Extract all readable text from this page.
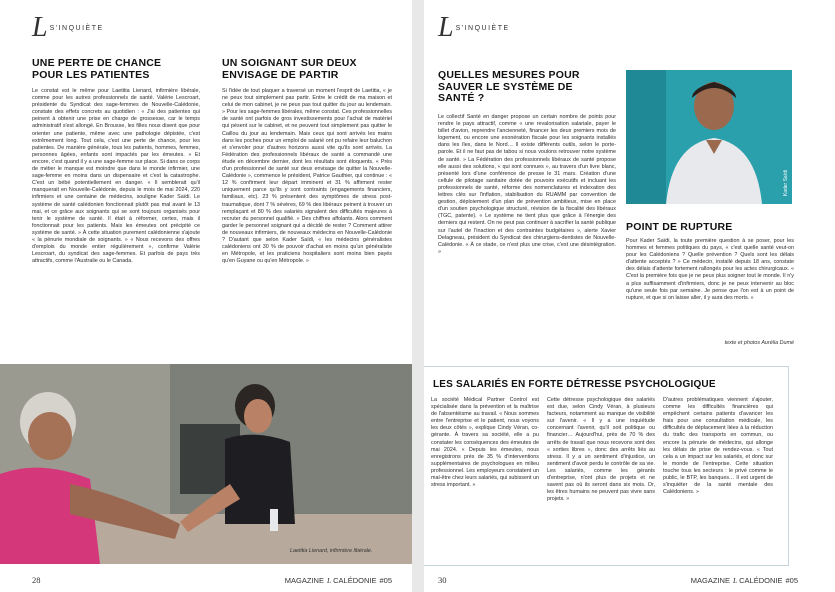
L S'INQUIÈTE
UNE PERTE DE CHANCE POUR LES PATIENTES

Le constat est le même pour Laetitia Lienard, infirmière libérale, comme pour les autres professionnels de santé. Valérie Lescroart, présidente du Syndicat des sage-femmes de Nouvelle-Calédonie, constate des effets concrets au quotidien : « J'ai des patientes qui peinent à obtenir une prise en charge de grossesse, car le temps administratif s'est allongé. En Brousse, les filles nous disent que pour orienter une patiente, même avec une pathologie dépistée, c'est extrêmement long. Tout cela, c'est une perte de chance, pour les patientes. De manière générale, tous les patients, hommes, femmes, personnes âgées, enfants sont impactés par les émeutes. » Et encore, c'est quand il y a une sage-femme sur place. Si dans ce corps de métier le manque est moindre que dans le monde infirmier, une sage-femme en moins dans un dispensaire et c'est la catastrophe. C'est un bébé potentiellement en danger. « Il semblerait qu'il manquerait en Nouvelle-Calédonie, depuis le mois de mai 2024, 220 infirmiers et une centaine de médecins, souligne Kader Saïdi. Le système de santé calédonien fonctionnait plutôt pas mal avant le 13 mai, et ce grâce aux soignants qui se sont toujours organisés pour tenir le système de santé. Il était à réformer, certes, mais il fonctionnait pour les patients. Mais les émeutes ont précipité ce système de santé. » À cette situation purement calédonienne s'ajoute « la pénurie mondiale de soignants. » « Nous recevons des offres d'emplois du monde entier régulièrement », confirme Valérie Lescroart, du syndicat des sage-femmes. Et parfois de pays très attractifs, comme l'Australie ou le Canada.

UN SOIGNANT SUR DEUX ENVISAGE DE PARTIR

Si l'idée de tout plaquer a traversé un moment l'esprit de Laetitia, « je ne peux tout simplement pas partir. Entre le crédit de ma maison et celui de mon cabinet, je ne peux pas tout quitter du jour au lendemain. » Pour les sage-femmes libérales, même constat. Ces professionnelles de santé ont parfois de gros investissements pour l'achat de matériel qui pèsent sur le cabinet, et ne peuvent tout simplement pas quitter le Caillou du jour au lendemain. Mais ceux qui sont arrivés les mains dans les poches pour un emploi de salarié ont pu refaire leur baluchon et s'envoler pour d'autres horizons aussi vite qu'ils sont arrivés. La Fédération des professionnels libéraux de santé a commandé une étude en décembre dernier, dont les résultats sont éloquents. « Près d'un professionnel de santé sur deux envisage de quitter la Nouvelle-Calédonie », commence le président, Patrice Gauthier, qui continue : « 12 % confirment leur départ imminent et 31 % affirment rester uniquement parce qu'ils y sont contraints (engagements financiers, familiaux, etc). 23 % présentent des symptômes de stress post-traumatique, dont 7 % sévères, 69 % des libéraux peinent à trouver un remplaçant et 80 % des salariés signalent des difficultés majeures à recruter du personnel qualifié. » Des chiffres affolants. Alors comment garder le personnel soignant qui a décidé de rester ? Comment attirer de nouveaux infirmiers, de nouveaux médecins en Nouvelle-Calédonie ? D'autant que selon Kader Saïdi, « les médecins généralistes calédoniens ont 30 % de pouvoir d'achat en moins qu'un généraliste en Métropole, et les praticiens hospitaliers sont moins bien payés qu'en Guyane ou qu'en Métropole. »

Laetitia Lienard, infirmière libérale.
28	MAGAZINE L CALÉDONIE #05
L S'INQUIÈTE
QUELLES MESURES POUR SAUVER LE SYSTÈME DE SANTÉ ?

Le collectif Santé en danger propose un certain nombre de points pour rendre le pays attractif, comme « une revalorisation salariale, payer le billet d'avion, reprendre l'ancienneté, financer les deux premiers mois de logement, ou encore une exonération fiscale pour les soignants installés dans les îles, dans le Nord… Il existe différents outils, selon le porte-parole. Et il ne faut pas de tabou si nous voulons retrouver notre système de santé. » La Fédération des professionnels libéraux de santé propose elle aussi des solutions, « qui sont connues », au travers d'un livre blanc, présenté lors d'une conférence de presse le 31 mars. Création d'une cellule de pilotage sanitaire dotée de pouvoirs exécutifs et incluant les professionnels de santé, réforme des nomenclatures et indexation des lettres clés sur l'inflation, stabilisation du RUAMM par convention de gestion, déploiement d'un plan de prévention ambitieux, mise en place d'un soutien psychologique structuré, révision de la fiscalité des libéraux (TGC, patente). « Le système ne tient plus que grâce à l'énergie des derniers qui restent. On ne peut pas continuer à sacrifier la santé publique sur l'autel de l'inaction et des contraintes budgétaires », alerte Xavier Delagneau, président du Syndicat des chirurgiens-dentistes de Nouvelle-Calédonie. « À ce stade, ce n'est plus une crise, c'est une désintégration. »

Kader Saïdi
POINT DE RUPTURE

Pour Kader Saïdi, la toute première question à se poser, pour les hommes et femmes politiques du pays, « c'est quelle santé veut-on pour les Calédoniens ? Quelle prévention ? Quels sont les délais d'attente acceptés ? » Ce médecin, installé depuis 18 ans, constate des délais d'attente fortement rallongés pour les actes chirurgicaux. « C'est la première fois que je ne peux plus soigner tout le monde. Il n'y a plus suffisamment d'infirmiers, donc je ne peux intervenir au bloc qu'une seule fois par semaine. Je pense que l'on est à un point de rupture, et que si on laisse aller, il y aura des morts. »

texte et photos Aurélia Dumé
LES SALARIÉS EN FORTE DÉTRESSE PSYCHOLOGIQUE
La société Médical Partner Control est spécialisée dans la prévention et la maîtrise de l'absentéisme au travail. « Nous sommes entre l'entreprise et le patient, nous voyons les deux côtés », explique Cindy Véran, co-gérante. À travers sa société, elle a pu constater les conséquences des émeutes de mai 2024. « Depuis les émeutes, nous enregistrons près de 35 % d'interventions supplémentaires de psychologues en milieu professionnel. Les employeurs constatent un mal-être chez leurs salariés, qui subissent un stress important. »
Cette détresse psychologique des salariés est due, selon Cindy Véran, à plusieurs facteurs, notamment au manque de visibilité sur l'avenir. « Il y a une inquiétude concernant l'avenir, qu'il soit politique ou financier… Aujourd'hui, près de 70 % des arrêts de travail que nous recevons sont des « sorties libres », donc des arrêts liés au stress. Il y a un sentiment d'injustice, un sentiment d'avoir perdu le contrôle de sa vie. Les salariés, comme les gérants d'entreprise, n'ont plus de projets et ne savent pas où ils seront dans six mois. Or, les êtres humains ne peuvent pas vivre sans projets. »
D'autres problématiques viennent s'ajouter, comme les difficultés financières qui empêchent certains patients d'avancer les frais pour une consultation médicale, les difficultés de déplacement liées à la réduction du trafic des transports en commun, ou encore la pénurie de médecins, qui allonge les délais de prise de rendez-vous. « Tout cela a un impact sur les salariés, et donc sur le monde de l'entreprise. Cette situation touche tous les secteurs : le privé comme le public, le BTP, les banques… Il est urgent de s'inquiéter de la santé mentale des Calédoniens. »
30	MAGAZINE L CALÉDONIE #05
